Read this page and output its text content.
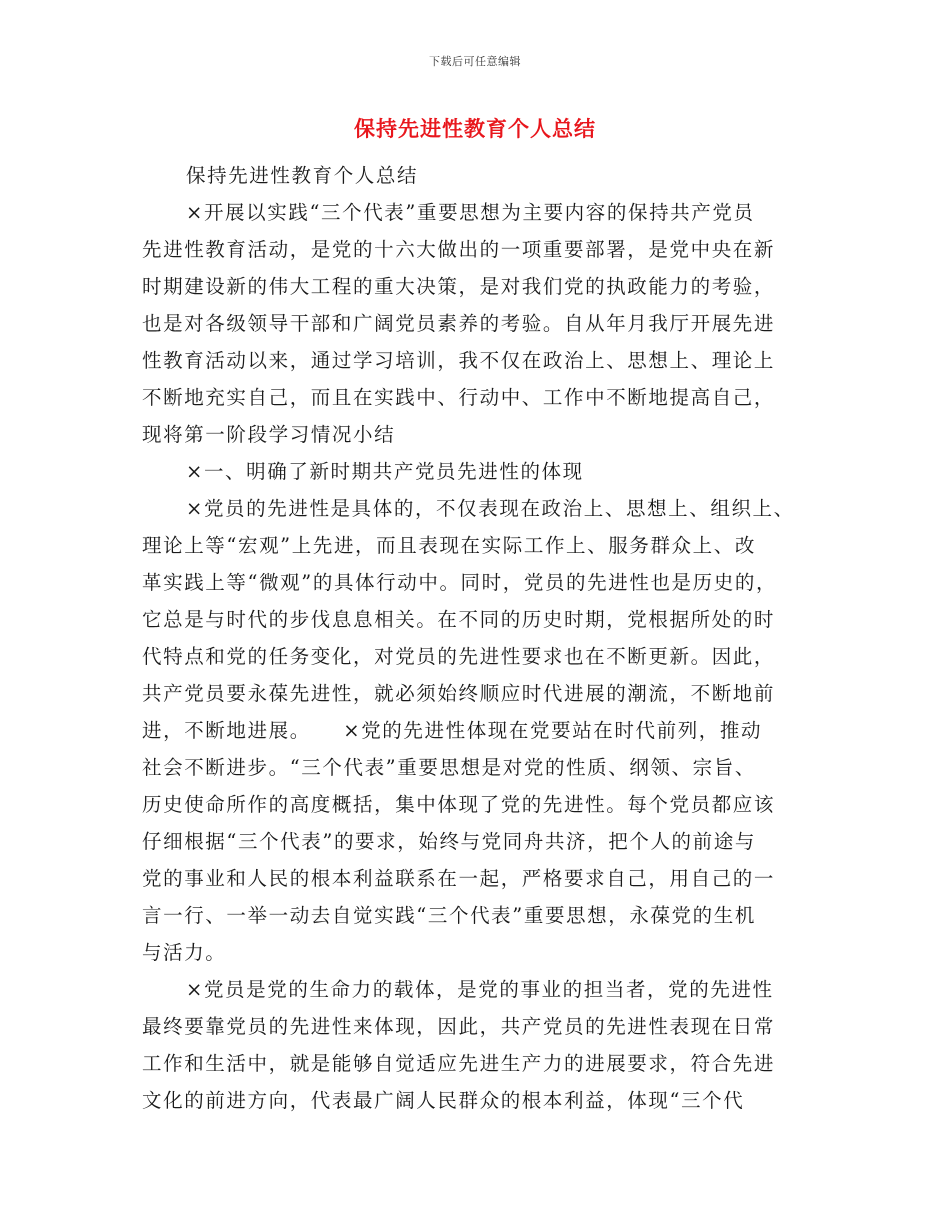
下载后可任意编辑
保持先进性教育个人总结
保持先进性教育个人总结
×开展以实践“三个代表”重要思想为主要内容的保持共产党员
先进性教育活动，是党的十六大做出的一项重要部署，是党中央在新
时期建设新的伟大工程的重大决策，是对我们党的执政能力的考验，
也是对各级领导干部和广阔党员素养的考验。自从年月我厅开展先进
性教育活动以来，通过学习培训，我不仅在政治上、思想上、理论上
不断地充实自己，而且在实践中、行动中、工作中不断地提高自己，
现将第一阶段学习情况小结
×一、明确了新时期共产党员先进性的体现
×党员的先进性是具体的，不仅表现在政治上、思想上、组织上、
理论上等“宏观”上先进，而且表现在实际工作上、服务群众上、改
革实践上等“微观”的具体行动中。同时，党员的先进性也是历史的，
它总是与时代的步伐息息相关。在不同的历史时期，党根据所处的时
代特点和党的任务变化，对党员的先进性要求也在不断更新。因此，
共产党员要永葆先进性，就必须始终顺应时代进展的潮流，不断地前
进，不断地进展。　　×党的先进性体现在党要站在时代前列，推动
社会不断进步。“三个代表”重要思想是对党的性质、纲领、宗旨、
历史使命所作的高度概括，集中体现了党的先进性。每个党员都应该
仔细根据“三个代表”的要求，始终与党同舟共济，把个人的前途与
党的事业和人民的根本利益联系在一起，严格要求自己，用自己的一
言一行、一举一动去自觉实践“三个代表”重要思想，永葆党的生机
与活力。
×党员是党的生命力的载体，是党的事业的担当者，党的先进性
最终要靠党员的先进性来体现，因此，共产党员的先进性表现在日常
工作和生活中，就是能够自觉适应先进生产力的进展要求，符合先进
文化的前进方向，代表最广阔人民群众的根本利益，体现“三个代
